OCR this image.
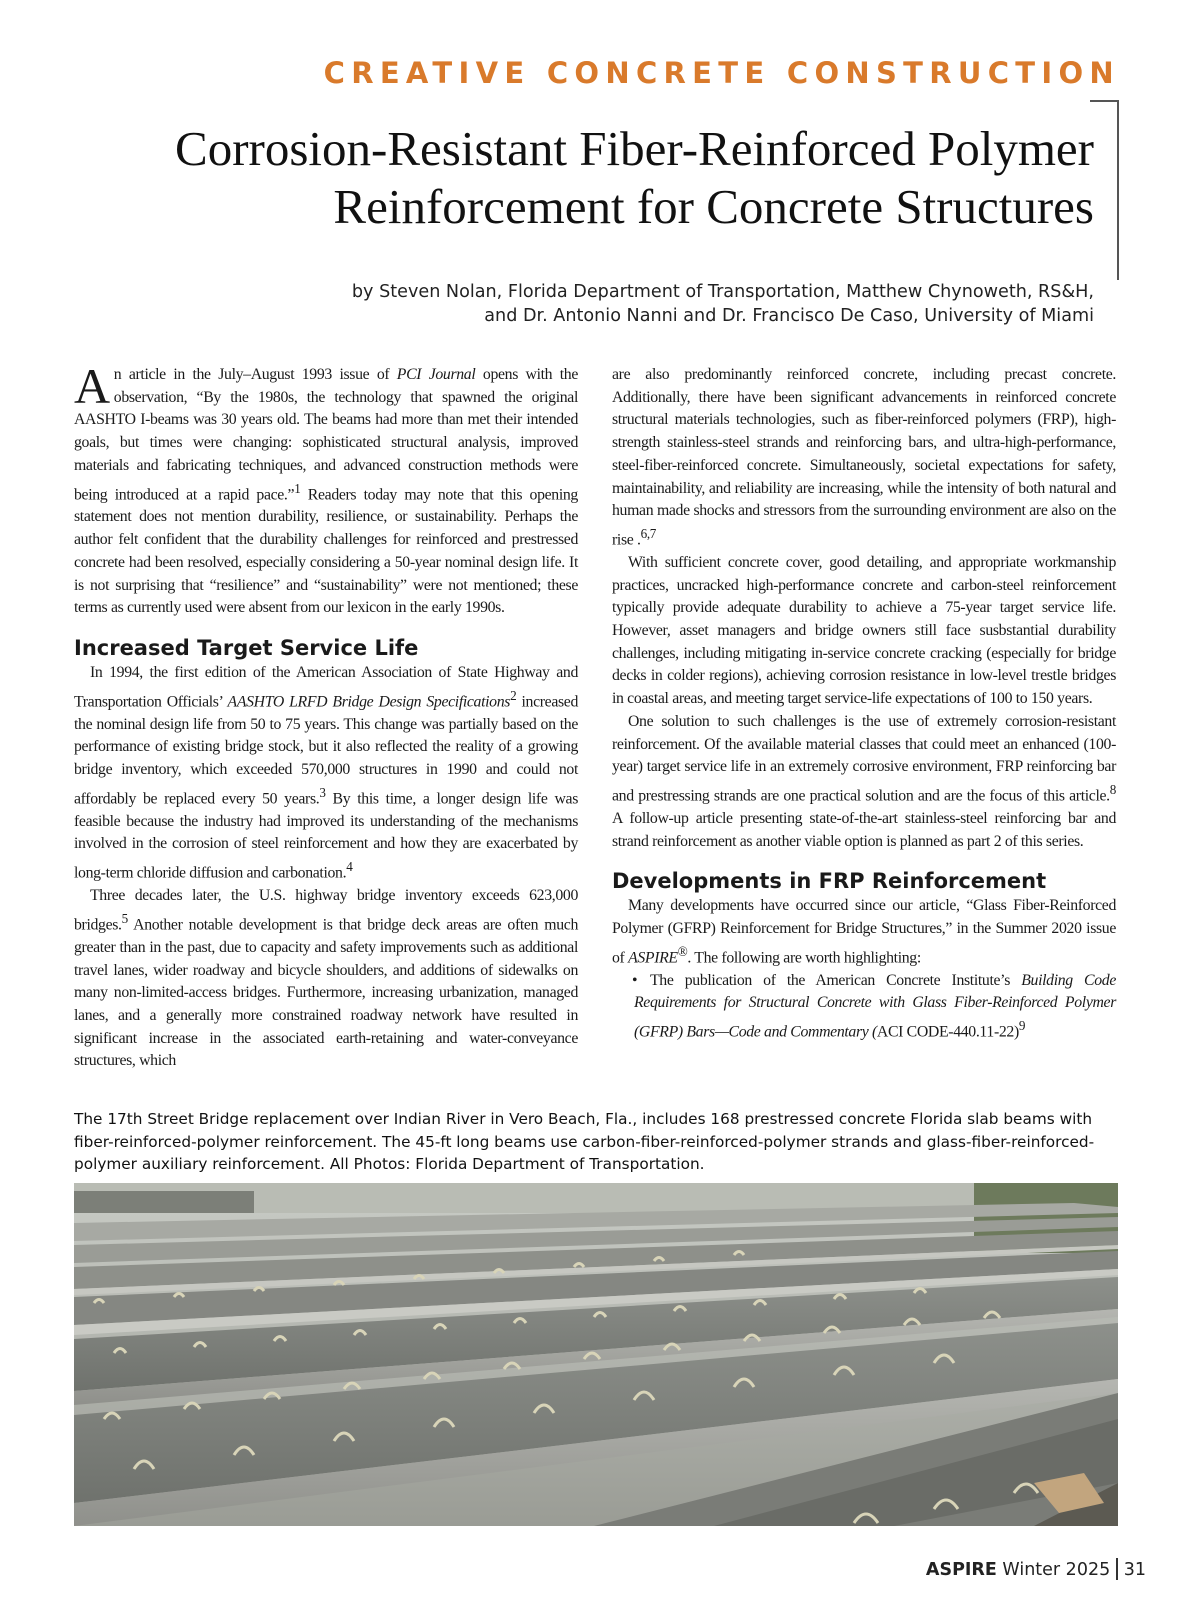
CREATIVE CONCRETE CONSTRUCTION
Corrosion-Resistant Fiber-Reinforced Polymer
Reinforcement for Concrete Structures
by Steven Nolan, Florida Department of Transportation, Matthew Chynoweth, RS&H,
and Dr. Antonio Nanni and Dr. Francisco De Caso, University of Miami

An article in the July–August 1993 issue of PCI Journal opens with the observation, “By the 1980s, the technology that spawned the original AASHTO I-beams was 30 years old. The beams had more than met their intended goals, but times were changing: sophisticated structural analysis, improved materials and fabricating techniques, and advanced construction methods were being introduced at a rapid pace.”$^1$ Readers today may note that this opening statement does not mention durability, resilience, or sustainability. Perhaps the author felt confident that the durability challenges for reinforced and prestressed concrete had been resolved, especially considering a 50-year nominal design life. It is not surprising that “resilience” and “sustainability” were not mentioned; these terms as currently used were absent from our lexicon in the early 1990s.

Increased Target Service Life

In 1994, the first edition of the American Association of State Highway and Transportation Officials’ AASHTO LRFD Bridge Design Specifications$^2$ increased the nominal design life from 50 to 75 years. This change was partially based on the performance of existing bridge stock, but it also reflected the reality of a growing bridge inventory, which exceeded 570,000 structures in 1990 and could not affordably be replaced every 50 years.$^3$ By this time, a longer design life was feasible because the industry had improved its understanding of the mechanisms involved in the corrosion of steel reinforcement and how they are exacerbated by long-term chloride diffusion and carbonation.$^4$

Three decades later, the U.S. highway bridge inventory exceeds 623,000 bridges.$^5$ Another notable development is that bridge deck areas are often much greater than in the past, due to capacity and safety improvements such as additional travel lanes, wider roadway and bicycle shoulders, and additions of sidewalks on many non-limited-access bridges. Furthermore, increasing urbanization, managed lanes, and a generally more constrained roadway network have resulted in significant increase in the associated earth-retaining and water-conveyance structures, which

are also predominantly reinforced concrete, including precast concrete. Additionally, there have been significant advancements in reinforced concrete structural materials technologies, such as fiber-reinforced polymers (FRP), high-strength stainless-steel strands and reinforcing bars, and ultra-high-performance, steel-fiber-reinforced concrete. Simultaneously, societal expectations for safety, maintainability, and reliability are increasing, while the intensity of both natural and human made shocks and stressors from the surrounding environment are also on the rise .$^{6,7}$

With sufficient concrete cover, good detailing, and appropriate workmanship practices, uncracked high-performance concrete and carbon-steel reinforcement typically provide adequate durability to achieve a 75-year target service life. However, asset managers and bridge owners still face susbstantial durability challenges, including mitigating in-service concrete cracking (especially for bridge decks in colder regions), achieving corrosion resistance in low-level trestle bridges in coastal areas, and meeting target service-life expectations of 100 to 150 years.

One solution to such challenges is the use of extremely corrosion-resistant reinforcement. Of the available material classes that could meet an enhanced (100-year) target service life in an extremely corrosive environment, FRP reinforcing bar and prestressing strands are one practical solution and are the focus of this article.$^8$ A follow-up article presenting state-of-the-art stainless-steel reinforcing bar and strand reinforcement as another viable option is planned as part 2 of this series.

Developments in FRP Reinforcement

Many developments have occurred since our article, “Glass Fiber-Reinforced Polymer (GFRP) Reinforcement for Bridge Structures,” in the Summer 2020 issue of ASPIRE®. The following are worth highlighting:

• The publication of the American Concrete Institute’s Building Code Requirements for Structural Concrete with Glass Fiber-Reinforced Polymer (GFRP) Bars—Code and Commentary (ACI CODE-440.11-22)$^9$

The 17th Street Bridge replacement over Indian River in Vero Beach, Fla., includes 168 prestressed concrete Florida slab beams with fiber-reinforced-polymer reinforcement. The 45-ft long beams use carbon-fiber-reinforced-polymer strands and glass-fiber-reinforced-polymer auxiliary reinforcement. All Photos: Florida Department of Transportation.
ASPIRE Winter 2025 31
